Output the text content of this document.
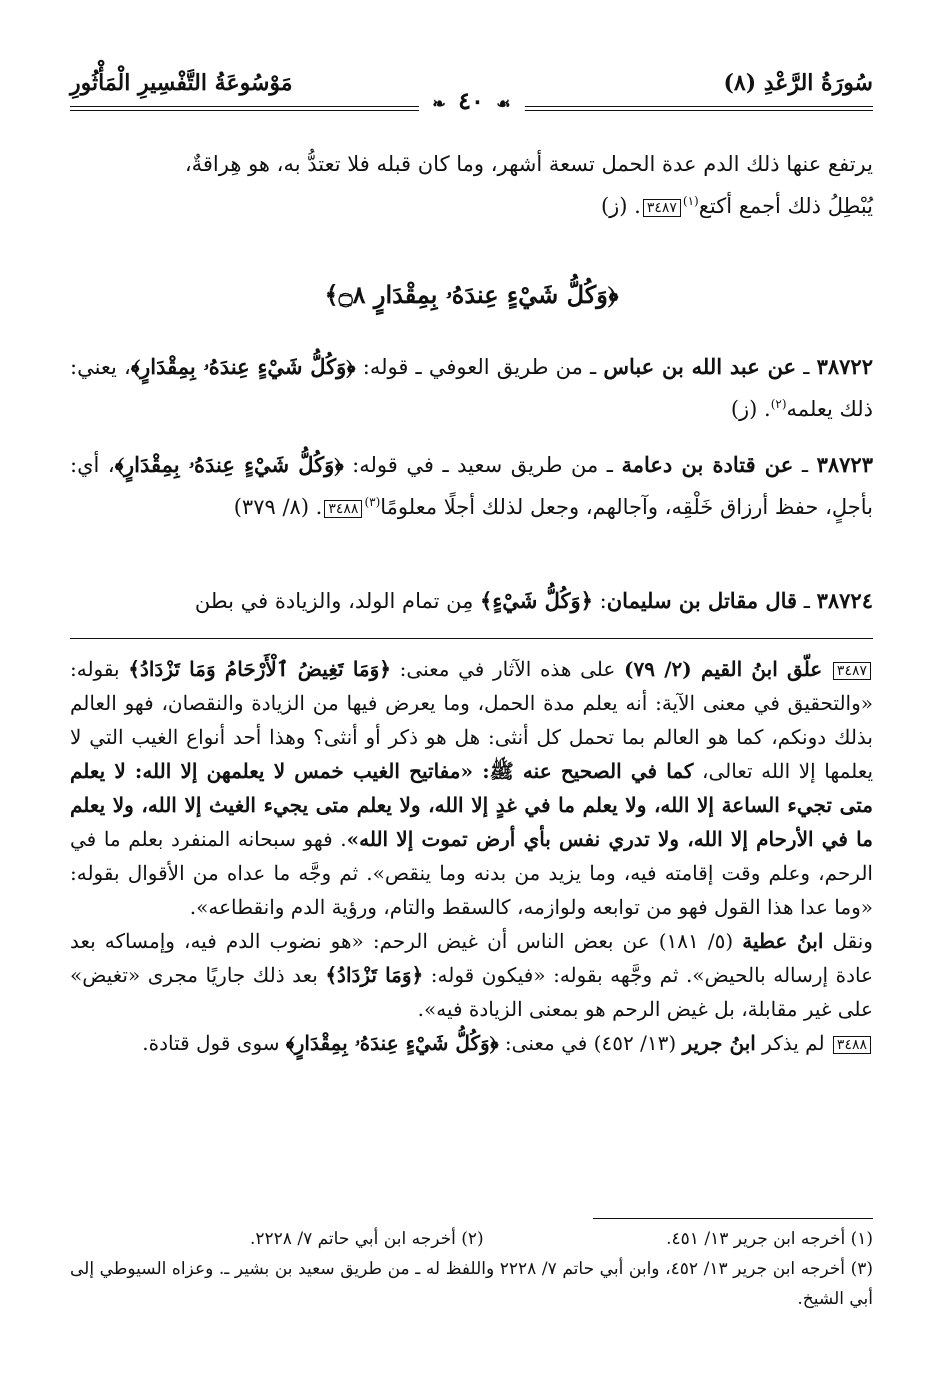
سُورَةُ الرَّعْدِ (٨)
مَوْسُوعَةُ التَّفْسِيرِ الْمَأْثُورِ
❧ ٤٠ ☙

يرتفع عنها ذلك الدم عدة الحمل تسعة أشهر، وما كان قبله فلا تعتدُّ به، هو هِراقةٌ،

يُبْطِلُ ذلك أجمع أكتع$^{(١)}$٣٤٨٧. (ز)

﴿وَكُلُّ شَيْءٍ عِندَهُۥ بِمِقْدَارٍ ۝٨﴾

٣٨٧٢٢ ـ عن عبد الله بن عباس ـ من طريق العوفي ـ قوله: ﴿وَكُلُّ شَيْءٍ عِندَهُۥ بِمِقْدَارٍ﴾، يعني: ذلك يعلمه$^{(٢)}$. (ز)

٣٨٧٢٣ ـ عن قتادة بن دعامة ـ من طريق سعيد ـ في قوله: ﴿وَكُلُّ شَيْءٍ عِندَهُۥ بِمِقْدَارٍ﴾، أي: بأجلٍ، حفظ أرزاق خَلْقِه، وآجالهم، وجعل لذلك أجلًا معلومًا$^{(٣)}$٣٤٨٨. (٨/ ٣٧٩)

٣٨٧٢٤ ـ قال مقاتل بن سليمان: ﴿وَكُلُّ شَيْءٍ﴾ مِن تمام الولد، والزيادة في بطن

٣٤٨٧ علّق ابنُ القيم (٢/ ٧٩) على هذه الآثار في معنى: ﴿وَمَا تَغِيضُ ٱلْأَرْحَامُ وَمَا تَزْدَادُ﴾ بقوله: «والتحقيق في معنى الآية: أنه يعلم مدة الحمل، وما يعرض فيها من الزيادة والنقصان، فهو العالم بذلك دونكم، كما هو العالم بما تحمل كل أنثى: هل هو ذكر أو أنثى؟ وهذا أحد أنواع الغيب التي لا يعلمها إلا الله تعالى، كما في الصحيح عنه ﷺ: «مفاتيح الغيب خمس لا يعلمهن إلا الله: لا يعلم متى تجيء الساعة إلا الله، ولا يعلم ما في غدٍ إلا الله، ولا يعلم متى يجيء الغيث إلا الله، ولا يعلم ما في الأرحام إلا الله، ولا تدري نفس بأي أرض تموت إلا الله». فهو سبحانه المنفرد بعلم ما في الرحم، وعلم وقت إقامته فيه، وما يزيد من بدنه وما ينقص». ثم وجَّه ما عداه من الأقوال بقوله: «وما عدا هذا القول فهو من توابعه ولوازمه، كالسقط والتام، ورؤية الدم وانقطاعه».

ونقل ابنُ عطية (٥/ ١٨١) عن بعض الناس أن غيض الرحم: «هو نضوب الدم فيه، وإمساكه بعد عادة إرساله بالحيض». ثم وجَّهه بقوله: «فيكون قوله: ﴿وَمَا تَزْدَادُ﴾ بعد ذلك جاريًا مجرى «تغيض» على غير مقابلة، بل غيض الرحم هو بمعنى الزيادة فيه».

٣٤٨٨ لم يذكر ابنُ جرير (١٣/ ٤٥٢) في معنى: ﴿وَكُلُّ شَيْءٍ عِندَهُۥ بِمِقْدَارٍ﴾ سوى قول قتادة.

(١) أخرجه ابن جرير ١٣/ ٤٥١.
(٢) أخرجه ابن أبي حاتم ٧/ ٢٢٢٨.
(٣) أخرجه ابن جرير ١٣/ ٤٥٢، وابن أبي حاتم ٧/ ٢٢٢٨ واللفظ له ـ من طريق سعيد بن بشير ـ. وعزاه السيوطي إلى أبي الشيخ.
